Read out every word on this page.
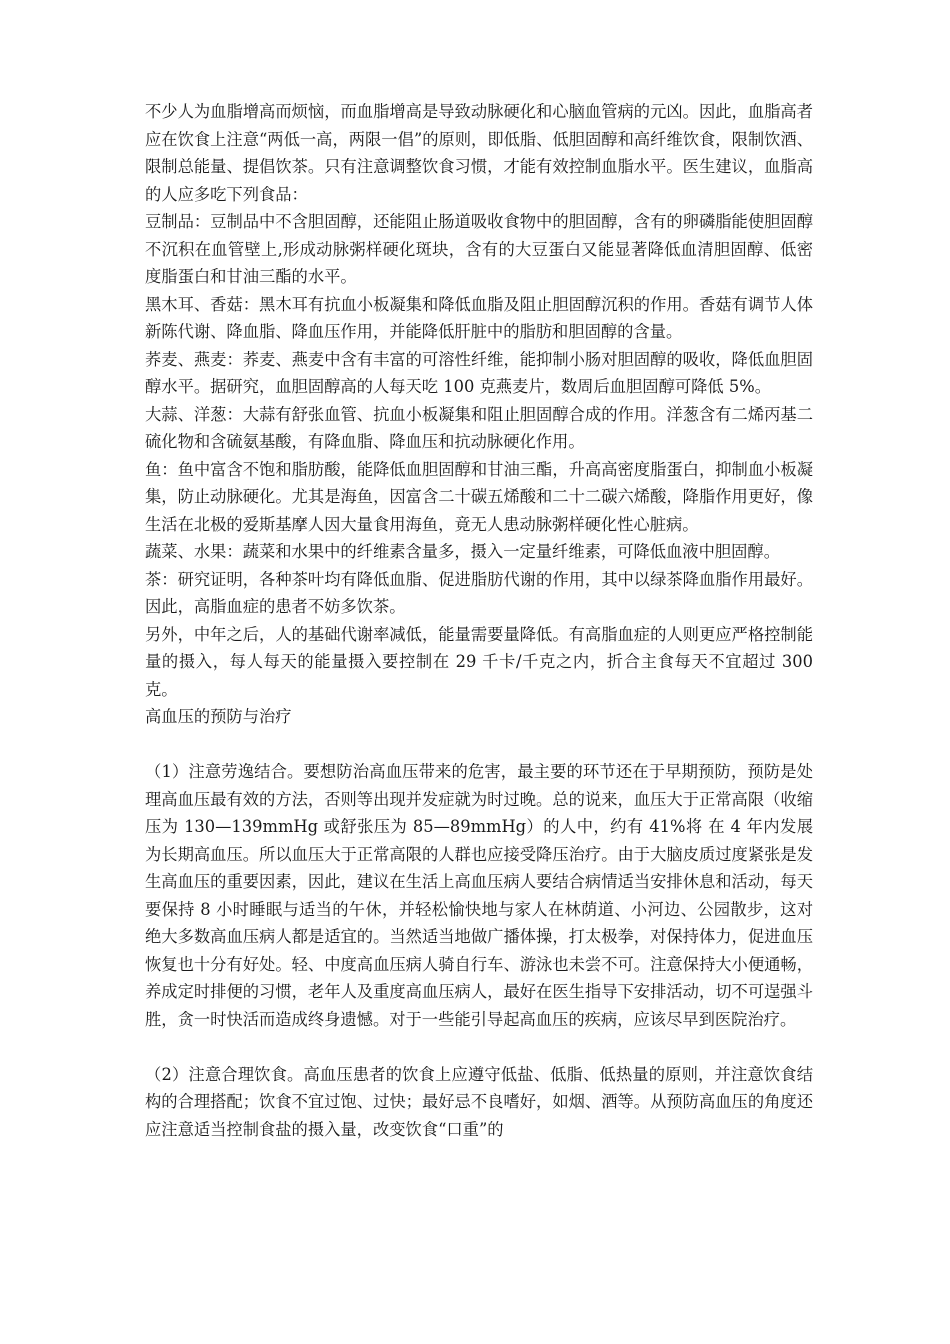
不少人为血脂增高而烦恼，而血脂增高是导致动脉硬化和心脑血管病的元凶。因此，血脂高者应在饮食上注意“两低一高，两限一倡”的原则，即低脂、低胆固醇和高纤维饮食，限制饮酒、限制总能量、提倡饮茶。只有注意调整饮食习惯，才能有效控制血脂水平。医生建议，血脂高的人应多吃下列食品：

豆制品：豆制品中不含胆固醇，还能阻止肠道吸收食物中的胆固醇，含有的卵磷脂能使胆固醇不沉积在血管壁上,形成动脉粥样硬化斑块，含有的大豆蛋白又能显著降低血清胆固醇、低密度脂蛋白和甘油三酯的水平。

黑木耳、香菇：黑木耳有抗血小板凝集和降低血脂及阻止胆固醇沉积的作用。香菇有调节人体新陈代谢、降血脂、降血压作用，并能降低肝脏中的脂肪和胆固醇的含量。

荞麦、燕麦：荞麦、燕麦中含有丰富的可溶性纤维，能抑制小肠对胆固醇的吸收，降低血胆固醇水平。据研究，血胆固醇高的人每天吃 100 克燕麦片，数周后血胆固醇可降低 5%。

大蒜、洋葱：大蒜有舒张血管、抗血小板凝集和阻止胆固醇合成的作用。洋葱含有二烯丙基二硫化物和含硫氨基酸，有降血脂、降血压和抗动脉硬化作用。

鱼：鱼中富含不饱和脂肪酸，能降低血胆固醇和甘油三酯，升高高密度脂蛋白，抑制血小板凝集，防止动脉硬化。尤其是海鱼，因富含二十碳五烯酸和二十二碳六烯酸，降脂作用更好，像生活在北极的爱斯基摩人因大量食用海鱼，竟无人患动脉粥样硬化性心脏病。

蔬菜、水果：蔬菜和水果中的纤维素含量多，摄入一定量纤维素，可降低血液中胆固醇。

茶：研究证明，各种茶叶均有降低血脂、促进脂肪代谢的作用，其中以绿茶降血脂作用最好。因此，高脂血症的患者不妨多饮茶。

另外，中年之后，人的基础代谢率减低，能量需要量降低。有高脂血症的人则更应严格控制能量的摄入，每人每天的能量摄入要控制在 29 千卡/千克之内，折合主食每天不宜超过 300 克。

高血压的预防与治疗

（1）注意劳逸结合。要想防治高血压带来的危害，最主要的环节还在于早期预防，预防是处理高血压最有效的方法，否则等出现并发症就为时过晚。总的说来，血压大于正常高限（收缩压为 130—139mmHg 或舒张压为 85—89mmHg）的人中，约有 41%将 在 4 年内发展为长期高血压。所以血压大于正常高限的人群也应接受降压治疗。由于大脑皮质过度紧张是发生高血压的重要因素，因此，建议在生活上高血压病人要结合病情适当安排休息和活动，每天要保持 8 小时睡眠与适当的午休，并轻松愉快地与家人在林荫道、小河边、公园散步，这对绝大多数高血压病人都是适宜的。当然适当地做广播体操，打太极拳，对保持体力，促进血压恢复也十分有好处。轻、中度高血压病人骑自行车、游泳也未尝不可。注意保持大小便通畅，养成定时排便的习惯，老年人及重度高血压病人，最好在医生指导下安排活动，切不可逞强斗胜，贪一时快活而造成终身遗憾。对于一些能引导起高血压的疾病，应该尽早到医院治疗。

（2）注意合理饮食。高血压患者的饮食上应遵守低盐、低脂、低热量的原则，并注意饮食结构的合理搭配；饮食不宜过饱、过快；最好忌不良嗜好，如烟、酒等。从预防高血压的角度还应注意适当控制食盐的摄入量，改变饮食“口重”的
